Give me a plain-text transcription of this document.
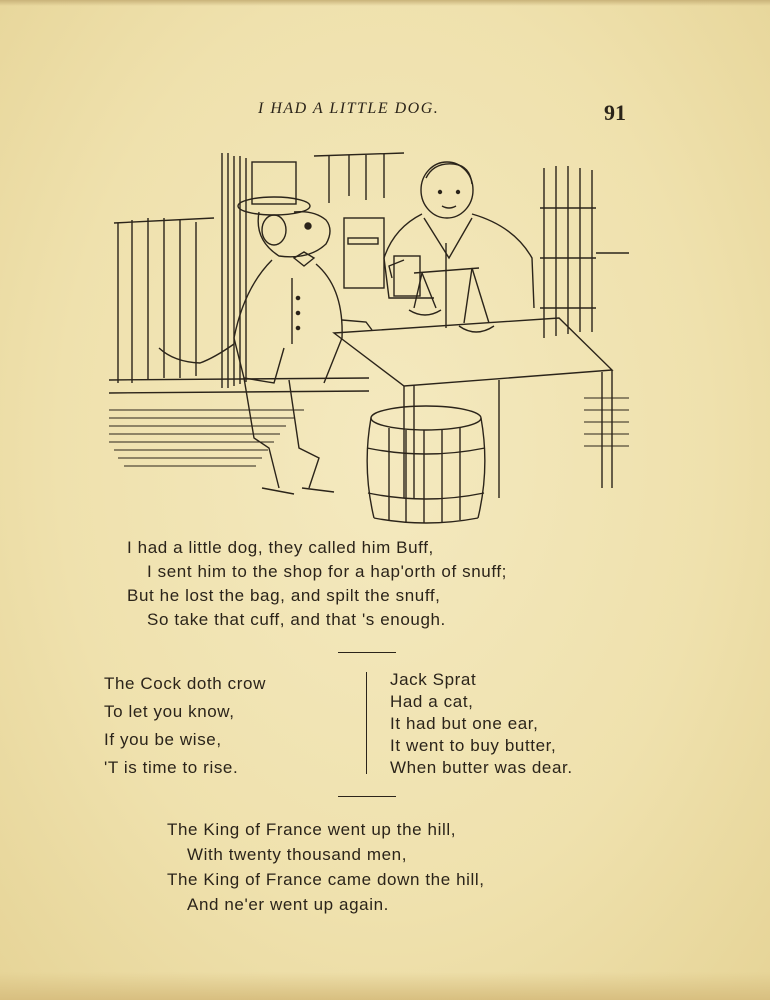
I HAD A LITTLE DOG.	91
I had a little dog, they called him Buff,
I sent him to the shop for a hap'orth of snuff;
But he lost the bag, and spilt the snuff,
So take that cuff, and that 's enough.
The Cock doth crow
To let you know,
If you be wise,
'T is time to rise.
Jack Sprat
Had a cat,
It had but one ear,
It went to buy butter,
When butter was dear.
The King of France went up the hill,
With twenty thousand men,
The King of France came down the hill,
And ne'er went up again.
